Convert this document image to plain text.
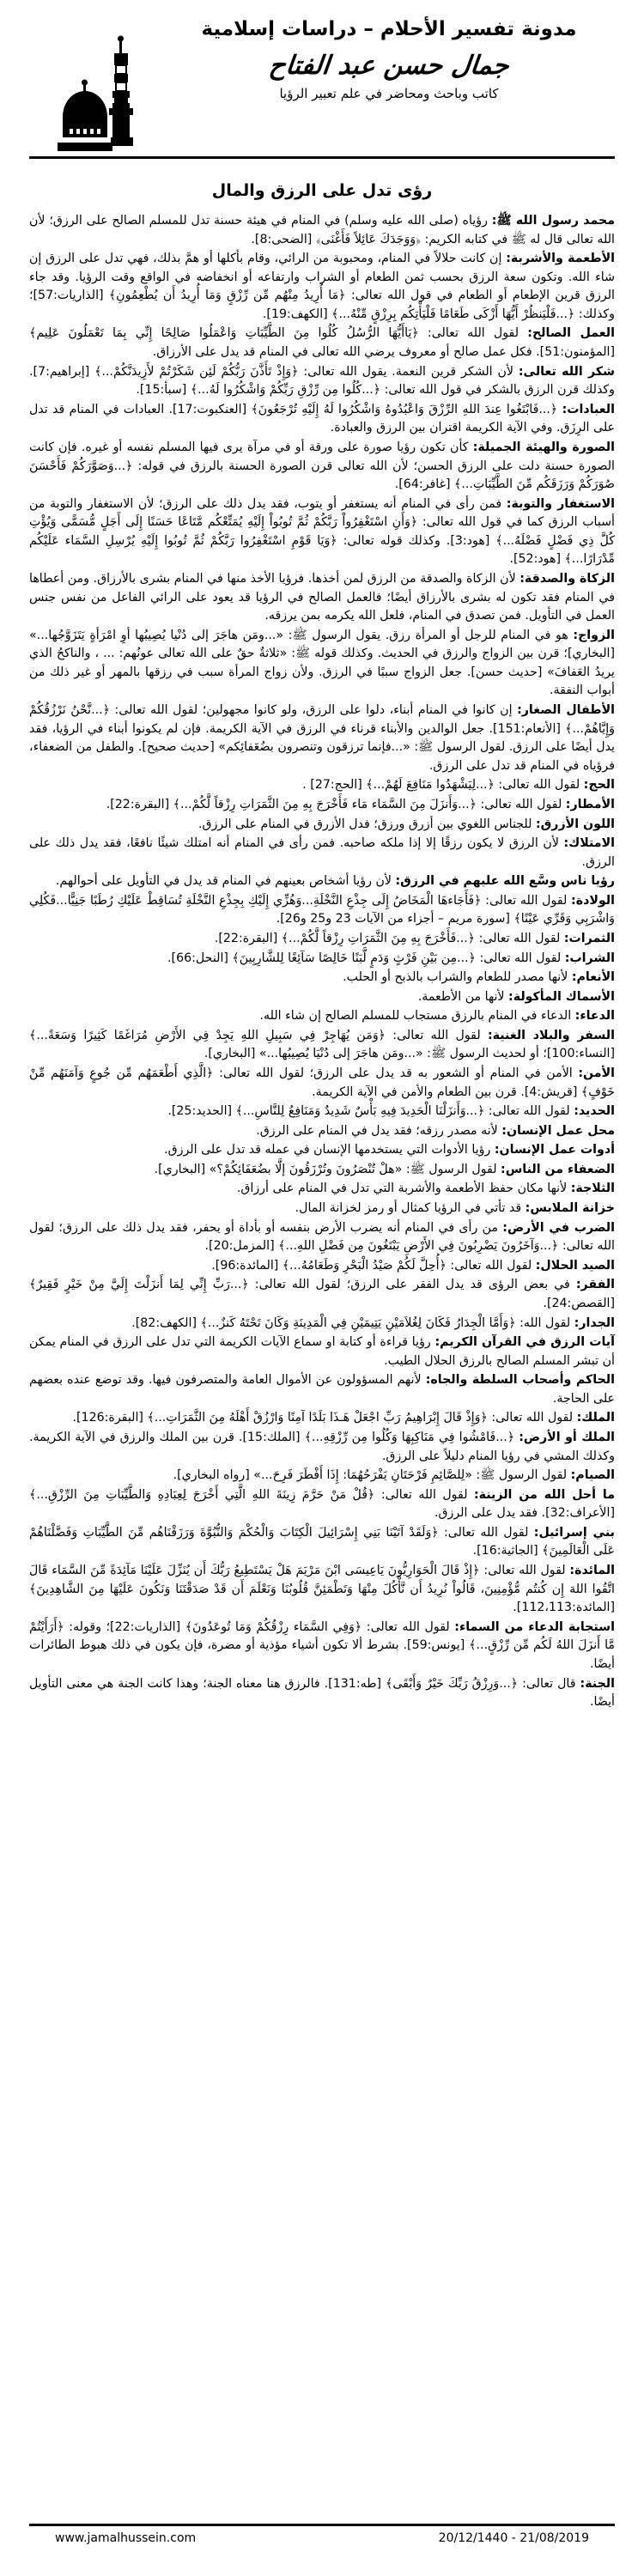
مدونة تفسير الأحلام – دراسات إسلامية
جمال حسن عبد الفتاح
كاتب وباحث ومحاضر في علم تعبير الرؤيا
رؤى تدل على الرزق والمال

محمد رسول الله ﷺ: رؤياه (صلى الله عليه وسلم) في المنام في هيئة حسنة تدل للمسلم الصالح على الرزق؛ لأن الله تعالى قال له ﷺ في كتابه الكريم: ﴿وَوَجَدَكَ عَائِلاً فَأَغْنَى﴾ [الضحى:8].

الأطعمة والأشربة: إن كانت حلالاً في المنام، ومحبوبة من الرائي، وقام بأكلها أو همَّ بذلك، فهي تدل على الرزق إن شاء الله. وتكون سعة الرزق بحسب ثمن الطعام أو الشراب وارتفاعه أو انخفاضه في الواقع وقت الرؤيا. وقد جاء الرزق قرين الإطعام أو الطعام في قول الله تعالى: ﴿مَا أُرِيدُ مِنْهُم مِّن رِّزْقٍ وَمَا أُرِيدُ أَن يُطْعِمُونِ﴾ [الذاريات:57]؛ وكذلك: ﴿...فَلْيَنظُرْ أَيُّهَا أَزْكَى طَعَامًا فَلْيَأْتِكُم بِرِزْقٍ مِّنْهُ...﴾ [الكهف:19].

العمل الصالح: لقول الله تعالى: ﴿يَاأَيُّهَا الرُّسُلُ كُلُوا مِنَ الطَّيِّبَاتِ وَاعْمَلُوا صَالِحًا إِنِّي بِمَا تَعْمَلُونَ عَلِيم﴾ [المؤمنون:51]. فكل عمل صالح أو معروف يرضي الله تعالى في المنام قد يدل على الأرزاق.

شكر الله تعالى: لأن الشكر قرين النعمة. يقول الله تعالى: ﴿وَإِذْ تَأَذَّنَ رَبُّكُمْ لَئِن شَكَرْتُمْ لأَزِيدَنَّكُمْ...﴾ [إبراهيم:7]. وكذلك قرن الرزق بالشكر في قول الله تعالى: ﴿...كُلُوا مِن رِّزْقِ رَبِّكُمْ وَاشْكُرُوا لَهُ...﴾ [سبأ:15].

العبادات: ﴿...فَابْتَغُوا عِندَ اللهِ الرِّزْقَ وَاعْبُدُوهُ وَاشْكُرُوا لَهُ إِلَيْهِ تُرْجَعُونَ﴾ [العنكبوت:17]. العبادات في المنام قد تدل على الرِزَق. وفي الآية الكريمة اقتران بين الرزق والعبادة.

الصورة والهيئة الجميلة: كأن تكون رؤيا صورة على ورقة أو في مرآة يرى فيها المسلم نفسه أو غيره. فإن كانت الصورة حسنة دلت على الرزق الحسن؛ لأن الله تعالى قرن الصورة الحسنة بالرزق في قوله: ﴿...وَصَوَّرَكُمْ فَأَحْسَنَ صُوَرَكُمْ وَرَزَقَكُم مِّنَ الطَّيِّبَاتِ...﴾ [غافر:64].

الاستغفار والتوبة: فمن رأى في المنام أنه يستغفر أو يتوب، فقد يدل ذلك على الرزق؛ لأن الاستغفار والتوبة من أسباب الرزق كما في قول الله تعالى: ﴿وَأَنِ اسْتَغْفِرُواْ رَبَّكُمْ ثُمَّ تُوبُواْ إِلَيْهِ يُمَتِّعْكُم مَّتَاعًا حَسَنًا إِلَى أَجَلٍ مُّسَمًّى وَيُؤْتِ كُلَّ ذِي فَضْلٍ فَضْلَهُ...﴾ [هود:3]. وكذلك قوله تعالى: ﴿وَيَا قَوْمِ اسْتَغْفِرُوا رَبَّكُمْ ثُمَّ تُوبُوا إِلَيْهِ يُرْسِلِ السَّمَاء عَلَيْكُم مِّدْرَارًا...﴾ [هود:52].

الزكاة والصدقة: لأن الزكاة والصدقة من الرزق لمن أخذها. فرؤيا الأخذ منها في المنام بشرى بالأرزاق. ومن أعطاها في المنام فقد تكون له بشرى بالأرزاق أيضًا؛ فالعمل الصالح في الرؤيا قد يعود على الرائي الفاعل من نفس جنس العمل في التأويل. فمن تصدق في المنام، فلعل الله يكرمه بمن يرزقه.

الزواج: هو في المنام للرجل أو المرأة رزق. يقول الرسول ﷺ: «...ومَن هاجَرَ إلى دُنْيا يُصِيبُها أوِ امْرَأةٍ يَتَزَوَّجُها...» [البخاري]؛ قرن بين الزواج والرزق في الحديث. وكذلك قوله ﷺ: «ثلاثةٌ حقٌ على الله تعالى عونُهم: ... ، والناكحُ الذي يريدُ العَفافَ» [حديث حسن]. جعل الزواج سببًا في الرزق. ولأن زواج المرأة سبب في رزقها بالمهر أو غير ذلك من أبواب النفقة.

الأطفال الصغار: إن كانوا في المنام أبناء، دلوا على الرزق، ولو كانوا مجهولين؛ لقول الله تعالى: ﴿...نَّحْنُ نَرْزُقُكُمْ وَإِيَّاهُمْ...﴾ [الأنعام:151]. جعل الوالدين والأبناء قرناء في الرزق في الآية الكريمة. فإن لم يكونوا أبناء في الرؤيا، فقد يدل أيضًا على الرزق. لقول الرسول ﷺ: «...فإنما ترزقون وتنصرون بضُعَفائِكم» [حديث صحيح]. والطفل من الضعفاء، فرؤياه في المنام قد تدل على الرزق.

الحج: لقول الله تعالى: ﴿...لِيَشْهَدُوا مَنَافِعَ لَهُمْ...﴾ [الحج:27] .

الأمطار: لقول الله تعالى: ﴿...وَأَنزَلَ مِنَ السَّمَاء مَاء فَأَخْرَجَ بِهِ مِنَ الثَّمَرَاتِ رِزْقاً لَّكُمْ...﴾ [البقرة:22].

اللون الأزرق: للجناس اللغوي بين أزرق ورزق؛ فدل الأزرق في المنام على الرزق.

الامتلاك: لأن الرزق لا يكون رزقًا إلا إذا ملكه صاحبه. فمن رأى في المنام أنه امتلك شيئًا نافعًا، فقد يدل ذلك على الرزق.

رؤيا ناس وسَّع الله عليهم في الرزق: لأن رؤيا أشخاص بعينهم في المنام قد يدل في التأويل على أحوالهم.

الولادة: لقول الله تعالى: ﴿فَأَجَاءهَا الْمَخَاضُ إِلَى جِذْعِ النَّخْلَةِ...وَهُزِّي إِلَيْكِ بِجِذْعِ النَّخْلَةِ تُسَاقِطْ عَلَيْكِ رُطَبًا جَنِيًّا...فَكُلِي وَاشْرَبِي وَقَرِّي عَيْنًا﴾ [سورة مريم – أجزاء من الآيات 23 و25 و26].

الثمرات: لقول الله تعالى: ﴿...فَأَخْرَجَ بِهِ مِنَ الثَّمَرَاتِ رِزْقاً لَّكُمْ...﴾ [البقرة:22].

الشراب: لقول الله تعالى: ﴿...مِن بَيْنِ فَرْثٍ وَدَمٍ لَّبَنًا خَالِصًا سَآئِغًا لِلشَّارِبِينَ﴾ [النحل:66].

الأنعام: لأنها مصدر للطعام والشراب بالذبح أو الحلب.

الأسماك المأكولة: لأنها من الأطعمة.

الدعاء: الدعاء في المنام بالرزق مستجاب للمسلم الصالح إن شاء الله.

السفر والبلاد الغنية: لقول الله تعالى: ﴿وَمَن يُهَاجِرْ فِي سَبِيلِ اللهِ يَجِدْ فِي الأَرْضِ مُرَاغَمًا كَثِيرًا وَسَعَةً...﴾ [النساء:100]؛ أو لحديث الرسول ﷺ: «...ومَن هاجَرَ إلى دُنْيَا يُصِيبُها...» [البخاري].

الأمن: الأمن في المنام أو الشعور به قد يدل على الرزق؛ لقول الله تعالى: ﴿الَّذِي أَطْعَمَهُم مِّن جُوعٍ وَآمَنَهُم مِّنْ خَوْفٍ﴾ [قريش:4]. قرن بين الطعام والأمن في الآية الكريمة.

الحديد: لقول الله تعالى: ﴿...وَأَنزَلْنَا الْحَدِيدَ فِيهِ بَأْسٌ شَدِيدٌ وَمَنَافِعُ لِلنَّاسِ...﴾ [الحديد:25].

محل عمل الإنسان: لأنه مصدر رزقه؛ فقد يدل في المنام على الرزق.

أدوات عمل الإنسان: رؤيا الأدوات التي يستخدمها الإنسان في عمله قد تدل على الرزق.

الضعفاء من الناس: لقول الرسول ﷺ: «هلْ تُنْصَرُونَ وتُرْزَقُونَ إلَّا بضُعَفَائِكُمْ؟» [البخاري].

الثلاجة: لأنها مكان حفظ الأطعمة والأشربة التي تدل في المنام على أرزاق.

خزانة الملابس: قد تأتي في الرؤيا كمثال أو رمز لخزانة المال.

الضرب في الأرض: من رأى في المنام أنه يضرب الأرض بنفسه أو بأداة أو يحفر، فقد يدل ذلك على الرزق؛ لقول الله تعالى: ﴿...وَآخَرُونَ يَضْرِبُونَ فِي الأَرْضِ يَبْتَغُونَ مِن فَضْلِ اللهِ...﴾ [المزمل:20].

الصيد الحلال: لقول الله تعالى: ﴿أُحِلَّ لَكُمْ صَيْدُ الْبَحْرِ وَطَعَامُهُ...﴾ [المائدة:96].

الفقر: في بعض الرؤى قد يدل الفقر على الرزق؛ لقول الله تعالى: ﴿...رَبِّ إِنِّي لِمَا أَنزَلْتَ إِلَيَّ مِنْ خَيْرٍ فَقِيرٌ﴾ [القصص:24].

الجدار: لقول الله: ﴿وَأَمَّا الْجِدَارُ فَكَانَ لِغُلاَمَيْنِ يَتِيمَيْنِ فِي الْمَدِينَةِ وَكَانَ تَحْتَهُ كَنزٌ...﴾ [الكهف:82].

آيات الرزق في القرآن الكريم: رؤيا قراءة أو كتابة او سماع الآيات الكريمة التي تدل على الرزق في المنام يمكن أن تبشر المسلم الصالح بالرزق الحلال الطيب.

الحاكم وأصحاب السلطة والجاه: لأنهم المسؤولون عن الأموال العامة والمتصرفون فيها. وقد توضع عنده بعضهم على الحاجة.

الملك: لقول الله تعالى: ﴿وَإِذْ قَالَ إِبْرَاهِيمُ رَبِّ اجْعَلْ هَـذَا بَلَدًا آمِنًا وَارْزُقْ أَهْلَهُ مِنَ الثَّمَرَاتِ...﴾ [البقرة:126].

الملك أو الأرض: ﴿...فَامْشُوا فِي مَنَاكِبِهَا وَكُلُوا مِن رِّزْقِهِ...﴾ [الملك:15]. قرن بين الملك والرزق في الآية الكريمة. وكذلك المشي في رؤيا المنام دليلاً على الرزق.

الصيام: لقول الرسول ﷺ: «لِلصَّائِمِ فَرْحَتَانِ يَفْرَحُهُمَا: إِذَا أَفْطَرَ فَرِحَ...» [رواه البخاري].

ما أحل الله من الزينة: لقول الله تعالى: ﴿قُلْ مَنْ حَرَّمَ زِينَةَ اللهِ الَّتِي أَخْرَجَ لِعِبَادِهِ وَالطَّيِّبَاتِ مِنَ الرِّزْقِ...﴾ [الأعراف:32]. فقد يدل على الرزق.

بني إسرائيل: لقول الله تعالى: ﴿وَلَقَدْ آتَيْنَا بَنِي إِسْرَائِيلَ الْكِتَابَ وَالْحُكْمَ وَالنُّبُوَّةَ وَرَزَقْنَاهُم مِّنَ الطَّيِّبَاتِ وَفَضَّلْنَاهُمْ عَلَى الْعَالَمِينَ﴾ [الجاثية:16].

المائدة: لقول الله تعالى: ﴿إِذْ قَالَ الْحَوَارِيُّونَ يَاعِيسَى ابْنَ مَرْيَمَ هَلْ يَسْتَطِيعُ رَبُّكَ أَن يُنَزِّلَ عَلَيْنَا مَآئِدَةً مِّنَ السَّمَاء قَالَ اتَّقُوا اللهَ إِن كُنتُم مُّؤْمِنِينَ، قَالُواْ نُرِيدُ أَن نَّأْكُلَ مِنْهَا وَتَطْمَئِنَّ قُلُوبُنَا وَنَعْلَمَ أَن قَدْ صَدَقْتَنَا وَنَكُونَ عَلَيْهَا مِنَ الشَّاهِدِينَ﴾ [المائدة:112،113].

استجابة الدعاء من السماء: لقول الله تعالى: ﴿وَفِي السَّمَاء رِزْقُكُمْ وَمَا تُوعَدُونَ﴾ [الذاريات:22]؛ وقوله: ﴿أَرَأَيْتُمْ مَّا أَنزَلَ اللهُ لَكُم مِّن رِّزْقٍ...﴾ [يونس:59]. بشرط ألا تكون أشياء مؤذية أو مضرة، فإن يكون في ذلك هبوط الطائرات أيضًا.

الجنة: قال تعالى: ﴿...وَرِزْقُ رَبِّكَ خَيْرٌ وَأَبْقَى﴾ [طه:131]. فالرزق هنا معناه الجنة؛ وهذا كانت الجنة هي معنى التأويل أيضًا.

www.jamalhussein.com	20/12/1440 - 21/08/2019
